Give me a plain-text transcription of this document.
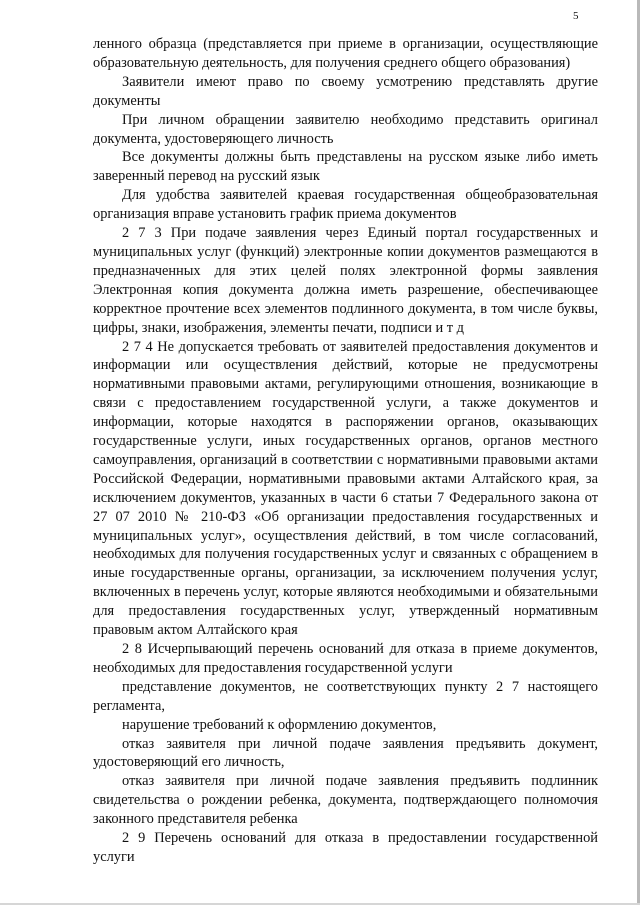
5

ленного образца (представляется при приеме в организации, осуществляющие образовательную деятельность, для получения среднего общего образования)

Заявители имеют право по своему усмотрению представлять другие документы

При личном обращении заявителю необходимо представить оригинал документа, удостоверяющего личность

Все документы должны быть представлены на русском языке либо иметь заверенный перевод на русский язык

Для удобства заявителей краевая государственная общеобразовательная организация вправе установить график приема документов

2 7 3 При подаче заявления через Единый портал государственных и муниципальных услуг (функций) электронные копии документов размещаются в предназначенных для этих целей полях электронной формы заявления Электронная копия документа должна иметь разрешение, обеспечивающее корректное прочтение всех элементов подлинного документа, в том числе буквы, цифры, знаки, изображения, элементы печати, подписи и т д

2 7 4 Не допускается требовать от заявителей предоставления документов и информации или осуществления действий, которые не предусмотрены нормативными правовыми актами, регулирующими отношения, возникающие в связи с предоставлением государственной услуги, а также документов и информации, которые находятся в распоряжении органов, оказывающих государственные услуги, иных государственных органов, органов местного самоуправления, организаций в соответствии с нормативными правовыми актами Российской Федерации, нормативными правовыми актами Алтайского края, за исключением документов, указанных в части 6 статьи 7 Федерального закона от 27 07 2010 № 210-ФЗ «Об организации предоставления государственных и муниципальных услуг», осуществления действий, в том числе согласований, необходимых для получения государственных услуг и связанных с обращением в иные государственные органы, организации, за исключением получения услуг, включенных в перечень услуг, которые являются необходимыми и обязательными для предоставления государственных услуг, утвержденный нормативным правовым актом Алтайского края

2 8 Исчерпывающий перечень оснований для отказа в приеме документов, необходимых для предоставления государственной услуги

представление документов, не соответствующих пункту 2 7 настоящего регламента,

нарушение требований к оформлению документов,

отказ заявителя при личной подаче заявления предъявить документ, удостоверяющий его личность,

отказ заявителя при личной подаче заявления предъявить подлинник свидетельства о рождении ребенка, документа, подтверждающего полномочия законного представителя ребенка

2 9 Перечень оснований для отказа в предоставлении государственной услуги
